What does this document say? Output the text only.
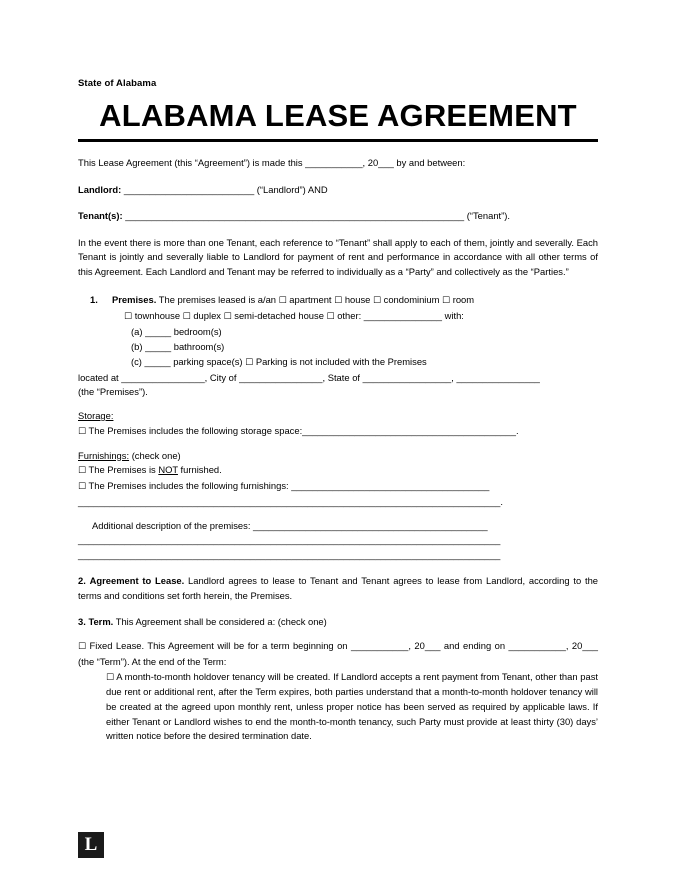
State of Alabama

ALABAMA LEASE AGREEMENT

This Lease Agreement (this “Agreement”) is made this ___________, 20___ by and between:

Landlord: _________________________ (“Landlord”) AND

Tenant(s): _________________________________________________________________ (“Tenant”).

In the event there is more than one Tenant, each reference to “Tenant” shall apply to each of them, jointly and severally. Each Tenant is jointly and severally liable to Landlord for payment of rent and performance in accordance with all other terms of this Agreement. Each Landlord and Tenant may be referred to individually as a “Party” and collectively as the “Parties.”

1. Premises. The premises leased is a/an ☐ apartment ☐ house ☐ condominium ☐ room
☐ townhouse ☐ duplex ☐ semi-detached house ☐ other: _______________ with:
(a) _____ bedroom(s)
(b) _____ bathroom(s)
(c) _____ parking space(s) ☐ Parking is not included with the Premises

located at ________________, City of ________________, State of _________________, ________________

(the “Premises”).

Storage:

☐ The Premises includes the following storage space:_________________________________________.

Furnishings: (check one)

☐ The Premises is NOT furnished.

☐ The Premises includes the following furnishings: ______________________________________

_________________________________________________________________________________.

Additional description of the premises: _____________________________________________

_________________________________________________________________________________

_________________________________________________________________________________

2. Agreement to Lease. Landlord agrees to lease to Tenant and Tenant agrees to lease from Landlord, according to the terms and conditions set forth herein, the Premises.

3. Term. This Agreement shall be considered a: (check one)

☐ Fixed Lease. This Agreement will be for a term beginning on ___________, 20___ and ending on ___________, 20___ (the “Term”). At the end of the Term:

☐ A month-to-month holdover tenancy will be created. If Landlord accepts a rent payment from Tenant, other than past due rent or additional rent, after the Term expires, both parties understand that a month-to-month holdover tenancy will be created at the agreed upon monthly rent, unless proper notice has been served as required by applicable laws. If either Tenant or Landlord wishes to end the month-to-month tenancy, such Party must provide at least thirty (30) days’ written notice before the desired termination date.

L
